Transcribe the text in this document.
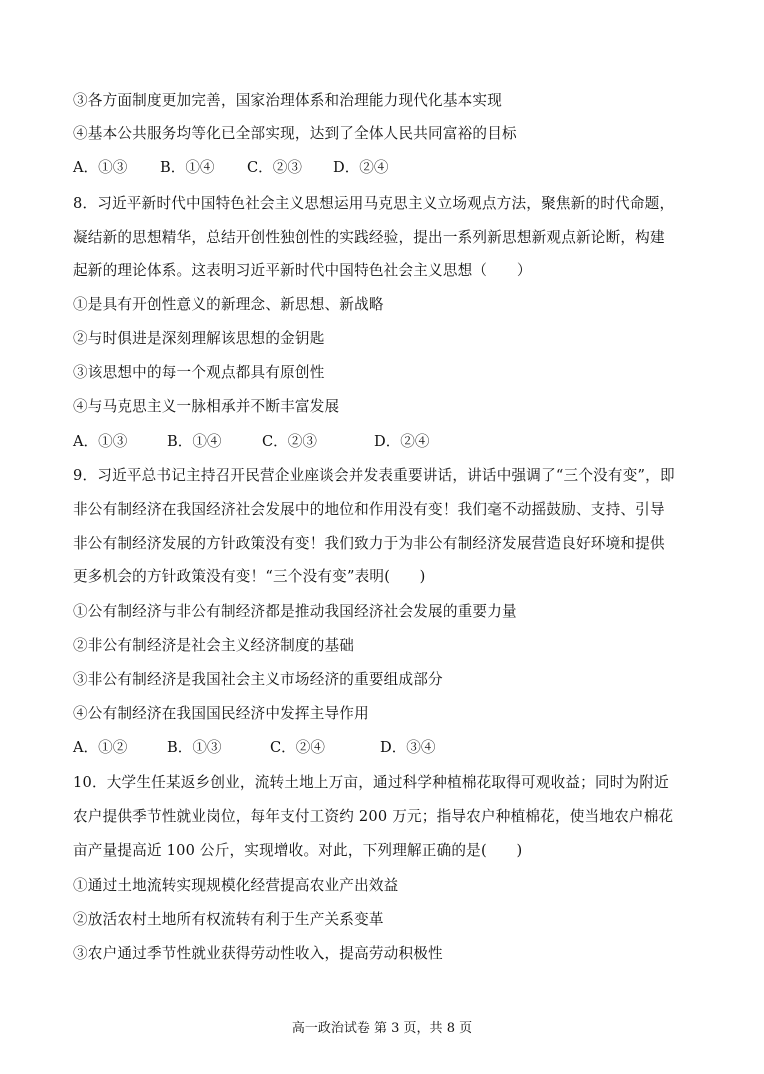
③各方面制度更加完善，国家治理体系和治理能力现代化基本实现
④基本公共服务均等化已全部实现，达到了全体人民共同富裕的目标
A．①③ B．①④ C．②③ D．②④
8．习近平新时代中国特色社会主义思想运用马克思主义立场观点方法，聚焦新的时代命题，
凝结新的思想精华，总结开创性独创性的实践经验，提出一系列新思想新观点新论断，构建
起新的理论体系。这表明习近平新时代中国特色社会主义思想（　　）
①是具有开创性意义的新理念、新思想、新战略
②与时俱进是深刻理解该思想的金钥匙
③该思想中的每一个观点都具有原创性
④与马克思主义一脉相承并不断丰富发展
A．①③	B．①④	C．②③	D．②④
9．习近平总书记主持召开民营企业座谈会并发表重要讲话，讲话中强调了“三个没有变”，即
非公有制经济在我国经济社会发展中的地位和作用没有变！我们毫不动摇鼓励、支持、引导
非公有制经济发展的方针政策没有变！我们致力于为非公有制经济发展营造良好环境和提供
更多机会的方针政策没有变！“三个没有变”表明(　　)
①公有制经济与非公有制经济都是推动我国经济社会发展的重要力量
②非公有制经济是社会主义经济制度的基础
③非公有制经济是我国社会主义市场经济的重要组成部分
④公有制经济在我国国民经济中发挥主导作用
A．①②	B．①③	C．②④	D．③④
10．大学生任某返乡创业，流转土地上万亩，通过科学种植棉花取得可观收益；同时为附近
农户提供季节性就业岗位，每年支付工资约 200 万元；指导农户种植棉花，使当地农户棉花
亩产量提高近 100 公斤，实现增收。对此，下列理解正确的是(　　)
①通过土地流转实现规模化经营提高农业产出效益
②放活农村土地所有权流转有利于生产关系变革
③农户通过季节性就业获得劳动性收入，提高劳动积极性
高一政治试卷 第 3 页，共 8 页
